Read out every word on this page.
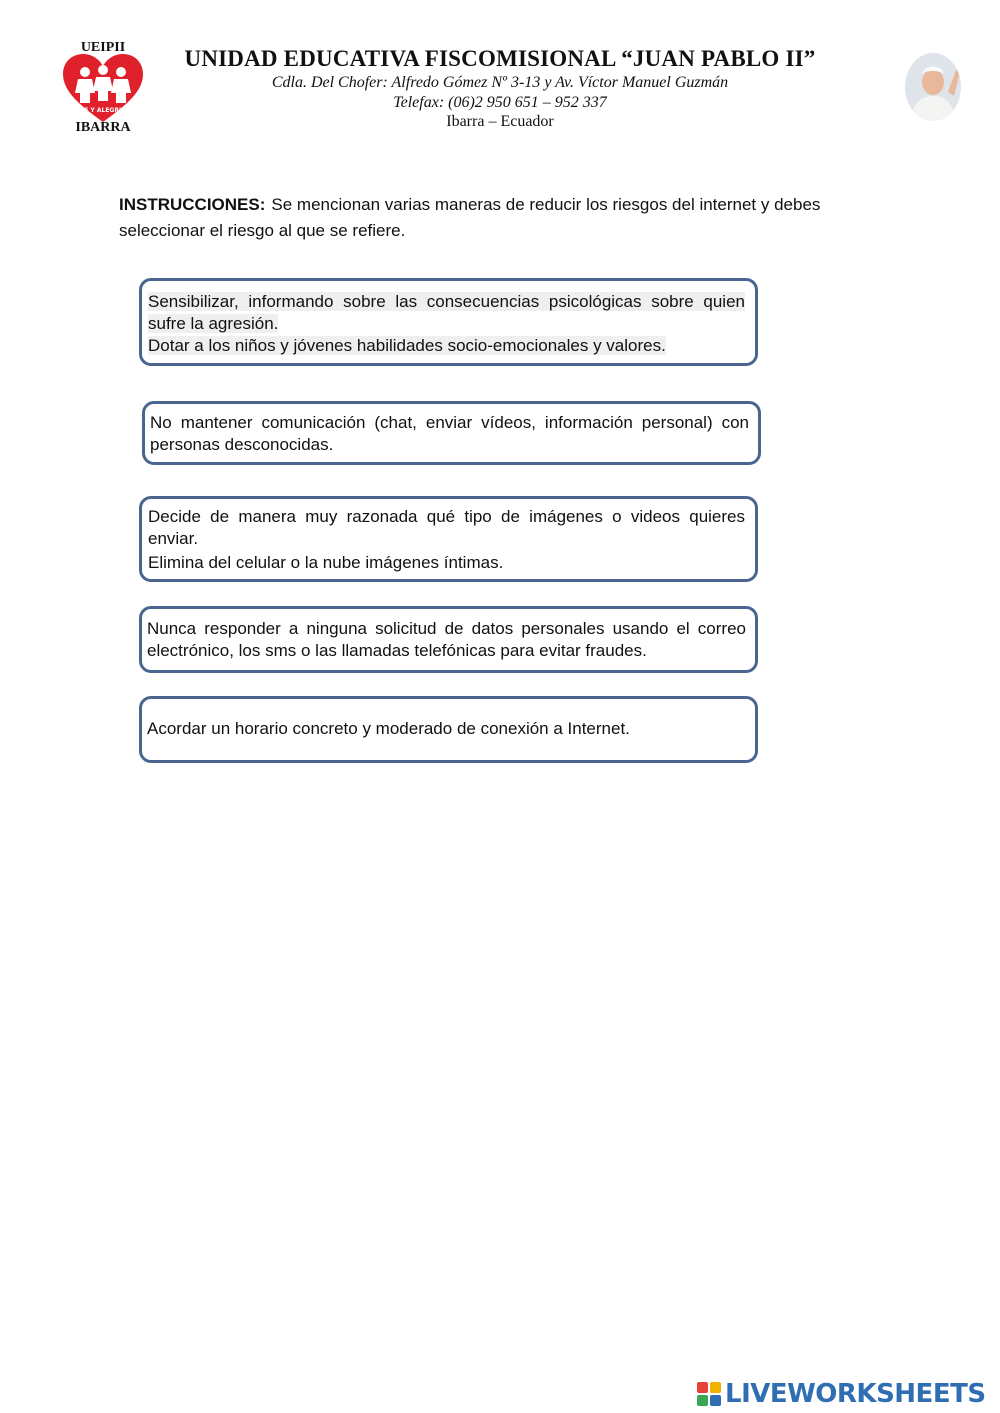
UEIPII
FE Y ALEGRIA
IBARRA
UNIDAD EDUCATIVA FISCOMISIONAL “JUAN PABLO II”
Cdla. Del Chofer: Alfredo Gómez Nº 3-13 y Av. Víctor Manuel Guzmán
Telefax: (06)2 950 651 – 952 337
Ibarra – Ecuador
INSTRUCCIONES: Se mencionan varias maneras de reducir los riesgos del internet y debes seleccionar el riesgo al que se refiere.

Sensibilizar, informando sobre las consecuencias psicológicas sobre quien sufre la agresión.

Dotar a los niños y jóvenes habilidades socio-emocionales y valores.

No mantener comunicación (chat, enviar vídeos, información personal) con personas desconocidas.

Decide de manera muy razonada qué tipo de imágenes o videos quieres enviar.

Elimina del celular o la nube imágenes íntimas.

Nunca responder a ninguna solicitud de datos personales usando el correo electrónico, los sms o las llamadas telefónicas para evitar fraudes.

Acordar un horario concreto y moderado de conexión a Internet.

LIVEWORKSHEETS
